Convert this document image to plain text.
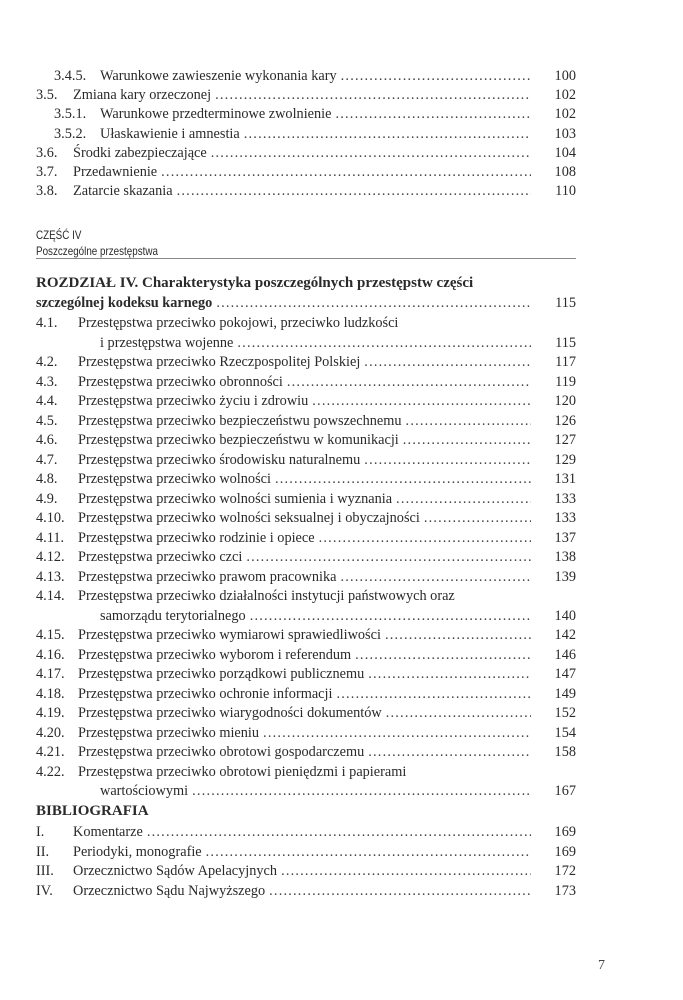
3.4.5. Warunkowe zawieszenie wykonania kary .....	100
3.5. Zmiana kary orzeczonej .....	102
3.5.1. Warunkowe przedterminowe zwolnienie .....	102
3.5.2. Ułaskawienie i amnestia .....	103
3.6. Środki zabezpieczające .....	104
3.7. Przedawnienie .....	108
3.8. Zatarcie skazania .....	110
4.1. Przestępstwa przeciwko pokojowi, przeciwko ludzkości
i przestępstwa wojenne .....	115
4.2. Przestępstwa przeciwko Rzeczpospolitej Polskiej .....	117
4.3. Przestępstwa przeciwko obronności .....	119
4.4. Przestępstwa przeciwko życiu i zdrowiu .....	120
4.5. Przestępstwa przeciwko bezpieczeństwu powszechnemu .....	126
4.6. Przestępstwa przeciwko bezpieczeństwu w komunikacji .....	127
4.7. Przestępstwa przeciwko środowisku naturalnemu .....	129
4.8. Przestępstwa przeciwko wolności .....	131
4.9. Przestępstwa przeciwko wolności sumienia i wyznania .....	133
4.10. Przestępstwa przeciwko wolności seksualnej i obyczajności .....	133
4.11. Przestępstwa przeciwko rodzinie i opiece .....	137
4.12. Przestępstwa przeciwko czci .....	138
4.13. Przestępstwa przeciwko prawom pracownika .....	139
4.14. Przestępstwa przeciwko działalności instytucji państwowych oraz
samorządu terytorialnego .....	140
4.15. Przestępstwa przeciwko wymiarowi sprawiedliwości .....	142
4.16. Przestępstwa przeciwko wyborom i referendum .....	146
4.17. Przestępstwa przeciwko porządkowi publicznemu .....	147
4.18. Przestępstwa przeciwko ochronie informacji .....	149
4.19. Przestępstwa przeciwko wiarygodności dokumentów .....	152
4.20. Przestępstwa przeciwko mieniu .....	154
4.21. Przestępstwa przeciwko obrotowi gospodarczemu .....	158
4.22. Przestępstwa przeciwko obrotowi pieniędzmi i papierami
wartościowymi .....	167
I. Komentarze .....	169
II. Periodyki, monografie .....	169
III. Orzecznictwo Sądów Apelacyjnych .....	172
IV. Orzecznictwo Sądu Najwyższego .....	173
CZĘŚĆ IV
Poszczególne przestępstwa
ROZDZIAŁ IV. Charakterystyka poszczególnych przestępstw części
szczególnej kodeksu karnego .....	115
BIBLIOGRAFIA
7
